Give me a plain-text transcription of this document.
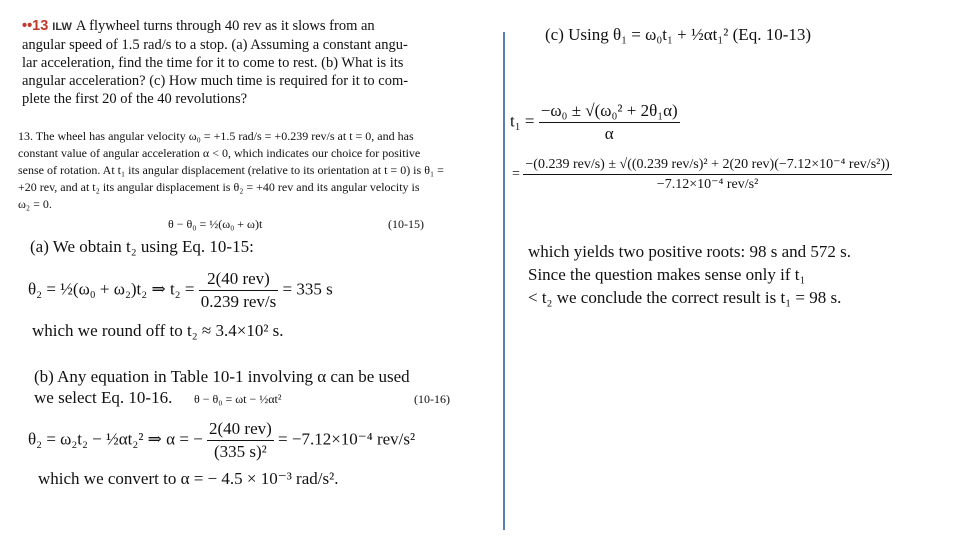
••13 ILW A flywheel turns through 40 rev as it slows from an
angular speed of 1.5 rad/s to a stop. (a) Assuming a constant angu-
lar acceleration, find the time for it to come to rest. (b) What is its
angular acceleration? (c) How much time is required for it to com-
plete the first 20 of the 40 revolutions?
13. The wheel has angular velocity ω₀ = +1.5 rad/s = +0.239 rev/s at t = 0, and has
constant value of angular acceleration α < 0, which indicates our choice for positive
sense of rotation. At t₁ its angular displacement (relative to its orientation at t = 0) is θ₁ =
+20 rev, and at t₂ its angular displacement is θ₂ = +40 rev and its angular velocity is
ω₂ = 0.
θ − θ₀ = ½(ω₀ + ω)t	(10-15)
(a) We obtain t₂ using Eq. 10-15:
θ₂ = ½(ω₀ + ω₂)t₂ ⇒ $t_2 = \frac{\text{2(40 rev)}}{\text{0.239 rev/s}} = 335$ s
which we round off to t₂ ≈ 3.4×10² s.
(b) Any equation in Table 10-1 involving α can be used
we select Eq. 10-16. θ − θ₀ = ωt − ½αt²	(10-16)
θ₂ = ω₂t₂ − ½αt₂² ⇒ α = − $\frac{\text{2(40 rev)}}{\text{(335 s)²}} = -7.12\times 10^{-4}$ rev/s²
which we convert to α = − 4.5 × 10⁻³ rad/s².
(c) Using θ₁ = ω₀t₁ + ½αt₁² (Eq. 10-13)
$t_1 = \frac{\text{−ω₀ ± √(ω₀² + 2θ₁α)}}{\alpha}$
=
−(0.239 rev/s) ± √((0.239 rev/s)² + 2(20 rev)(−7.12×10⁻⁴ rev/s²))
−7.12×10⁻⁴ rev/s²
which yields two positive roots: 98 s and 572 s.
Since the question makes sense only if t₁
< t₂ we conclude the correct result is t₁ = 98 s.
